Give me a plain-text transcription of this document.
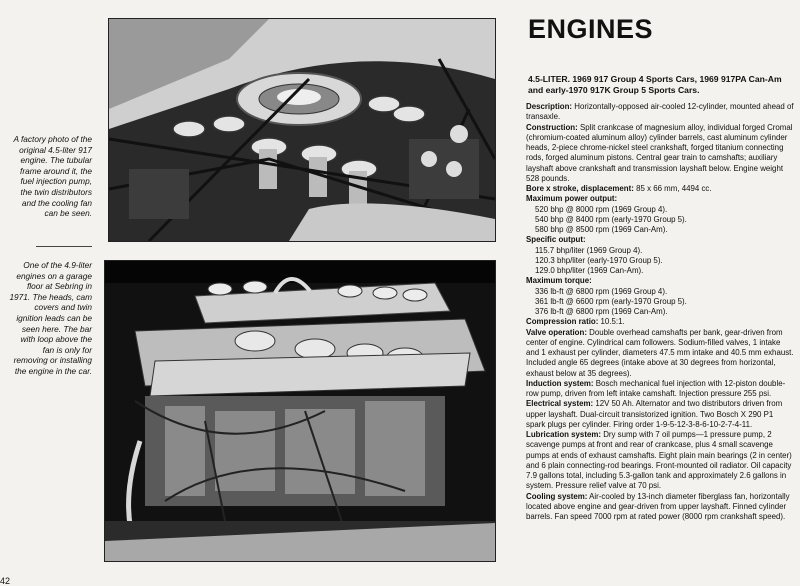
A factory photo of the original 4.5-liter 917 engine. The tubular frame around it, the fuel injection pump, the twin distributors and the cooling fan can be seen.
One of the 4.9-liter engines on a garage floor at Sebring in 1971. The heads, cam covers and twin ignition leads can be seen here. The bar with loop above the fan is only for removing or installing the engine in the car.
ENGINES
4.5-LITER. 1969 917 Group 4 Sports Cars, 1969 917PA Can-Am and early-1970 917K Group 5 Sports Cars.
Description: Horizontally-opposed air-cooled 12-cylinder, mounted ahead of transaxle.
Construction: Split crankcase of magnesium alloy, individual forged Cromal (chromium-coated aluminum alloy) cylinder barrels, cast aluminum cylinder heads, 2-piece chrome-nickel steel crankshaft, forged titanium connecting rods, forged aluminum pistons. Central gear train to camshafts; auxiliary layshaft above crankshaft and transmission layshaft below. Engine weight 528 pounds.
Bore x stroke, displacement: 85 x 66 mm, 4494 cc.
Maximum power output:
520 bhp @ 8000 rpm (1969 Group 4).
540 bhp @ 8400 rpm (early-1970 Group 5).
580 bhp @ 8500 rpm (1969 Can-Am).
Specific output:
115.7 bhp/liter (1969 Group 4).
120.3 bhp/liter (early-1970 Group 5).
129.0 bhp/liter (1969 Can-Am).
Maximum torque:
336 lb-ft @ 6800 rpm (1969 Group 4).
361 lb-ft @ 6600 rpm (early-1970 Group 5).
376 lb-ft @ 6800 rpm (1969 Can-Am).
Compression ratio: 10.5:1.
Valve operation: Double overhead camshafts per bank, gear-driven from center of engine. Cylindrical cam followers. Sodium-filled valves, 1 intake and 1 exhaust per cylinder, diameters 47.5 mm intake and 40.5 mm exhaust. Included angle 65 degrees (intake above at 30 degrees from horizontal, exhaust below at 35 degrees).
Induction system: Bosch mechanical fuel injection with 12-piston double-row pump, driven from left intake camshaft. Injection pressure 255 psi.
Electrical system: 12V 50 Ah. Alternator and two distributors driven from upper layshaft. Dual-circuit transistorized ignition. Two Bosch X 290 P1 spark plugs per cylinder. Firing order 1-9-5-12-3-8-6-10-2-7-4-11.
Lubrication system: Dry sump with 7 oil pumps—1 pressure pump, 2 scavenge pumps at front and rear of crankcase, plus 4 small scavenge pumps at ends of exhaust camshafts. Eight plain main bearings (2 in center) and 6 plain connecting-rod bearings. Front-mounted oil radiator. Oil capacity 7.9 gallons total, including 5.3-gallon tank and approximately 2.6 gallons in system. Pressure relief valve at 70 psi.
Cooling system: Air-cooled by 13-inch diameter fiberglass fan, horizontally located above engine and gear-driven from upper layshaft. Finned cylinder barrels. Fan speed 7000 rpm at rated power (8000 rpm crankshaft speed).
42
